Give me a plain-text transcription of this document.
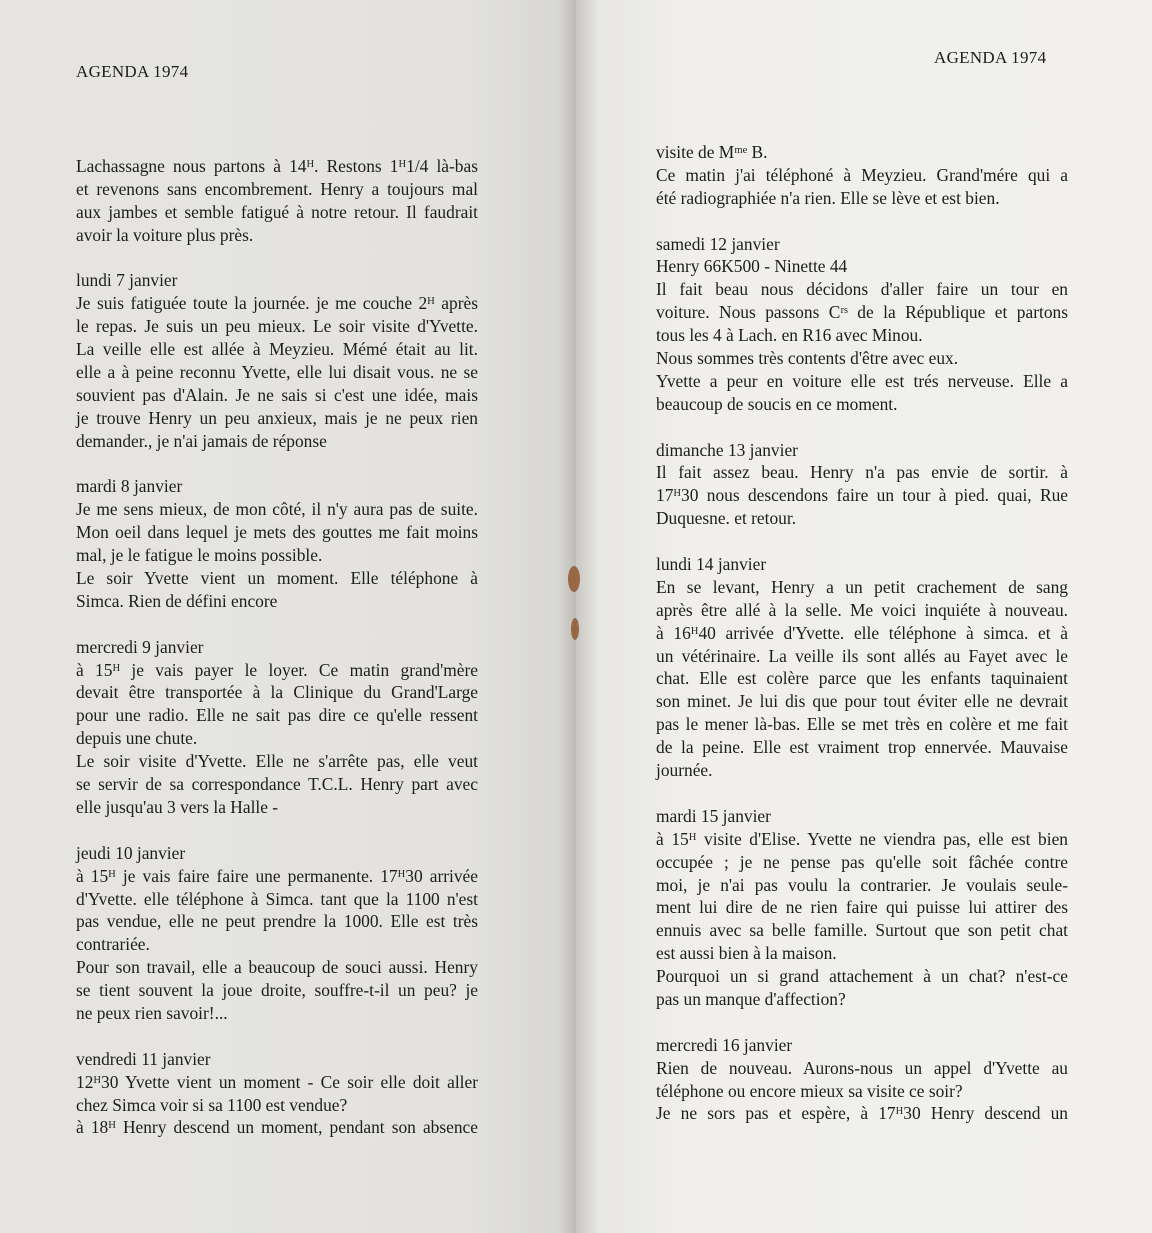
AGENDA 1974
Lachassagne nous partons à 14ᴴ. Restons 1ᴴ1/4 là-bas
et revenons sans encombrement. Henry a toujours mal
aux jambes et semble fatigué à notre retour. Il faudrait
avoir la voiture plus près.
lundi 7 janvier
Je suis fatiguée toute la journée. je me couche 2ᴴ après
le repas. Je suis un peu mieux. Le soir visite d'Yvette.
La veille elle est allée à Meyzieu. Mémé était au lit.
elle a à peine reconnu Yvette, elle lui disait vous. ne se
souvient pas d'Alain. Je ne sais si c'est une idée, mais
je trouve Henry un peu anxieux, mais je ne peux rien
demander., je n'ai jamais de réponse
mardi 8 janvier
Je me sens mieux, de mon côté, il n'y aura pas de suite.
Mon oeil dans lequel je mets des gouttes me fait moins
mal, je le fatigue le moins possible.
Le soir Yvette vient un moment. Elle téléphone à
Simca. Rien de défini encore
mercredi 9 janvier
à 15ᴴ je vais payer le loyer. Ce matin grand'mère
devait être transportée à la Clinique du Grand'Large
pour une radio. Elle ne sait pas dire ce qu'elle ressent
depuis une chute.
Le soir visite d'Yvette. Elle ne s'arrête pas, elle veut
se servir de sa correspondance T.C.L. Henry part avec
elle jusqu'au 3 vers la Halle -
jeudi 10 janvier
à 15ᴴ je vais faire faire une permanente. 17ᴴ30 arrivée
d'Yvette. elle téléphone à Simca. tant que la 1100 n'est
pas vendue, elle ne peut prendre la 1000. Elle est très
contrariée.
Pour son travail, elle a beaucoup de souci aussi. Henry
se tient souvent la joue droite, souffre-t-il un peu? je
ne peux rien savoir!...
vendredi 11 janvier
12ᴴ30 Yvette vient un moment - Ce soir elle doit aller
chez Simca voir si sa 1100 est vendue?
à 18ᴴ Henry descend un moment, pendant son absence
AGENDA 1974
visite de Mᵐᵉ B.
Ce matin j'ai téléphoné à Meyzieu. Grand'mére qui a
été radiographiée n'a rien. Elle se lève et est bien.
samedi 12 janvier
Henry 66K500 - Ninette 44
Il fait beau nous décidons d'aller faire un tour en
voiture. Nous passons Cʳˢ de la République et partons
tous les 4 à Lach. en R16 avec Minou.
Nous sommes très contents d'être avec eux.
Yvette a peur en voiture elle est trés nerveuse. Elle a
beaucoup de soucis en ce moment.
dimanche 13 janvier
Il fait assez beau. Henry n'a pas envie de sortir. à
17ᴴ30 nous descendons faire un tour à pied. quai, Rue
Duquesne. et retour.
lundi 14 janvier
En se levant, Henry a un petit crachement de sang
après être allé à la selle. Me voici inquiéte à nouveau.
à 16ᴴ40 arrivée d'Yvette. elle téléphone à simca. et à
un vétérinaire. La veille ils sont allés au Fayet avec le
chat. Elle est colère parce que les enfants taquinaient
son minet. Je lui dis que pour tout éviter elle ne devrait
pas le mener là-bas. Elle se met très en colère et me fait
de la peine. Elle est vraiment trop ennervée. Mauvaise
journée.
mardi 15 janvier
à 15ᴴ visite d'Elise. Yvette ne viendra pas, elle est bien
occupée ; je ne pense pas qu'elle soit fâchée contre
moi, je n'ai pas voulu la contrarier. Je voulais seule-
ment lui dire de ne rien faire qui puisse lui attirer des
ennuis avec sa belle famille. Surtout que son petit chat
est aussi bien à la maison.
Pourquoi un si grand attachement à un chat? n'est-ce
pas un manque d'affection?
mercredi 16 janvier
Rien de nouveau. Aurons-nous un appel d'Yvette au
téléphone ou encore mieux sa visite ce soir?
Je ne sors pas et espère, à 17ᴴ30 Henry descend un
